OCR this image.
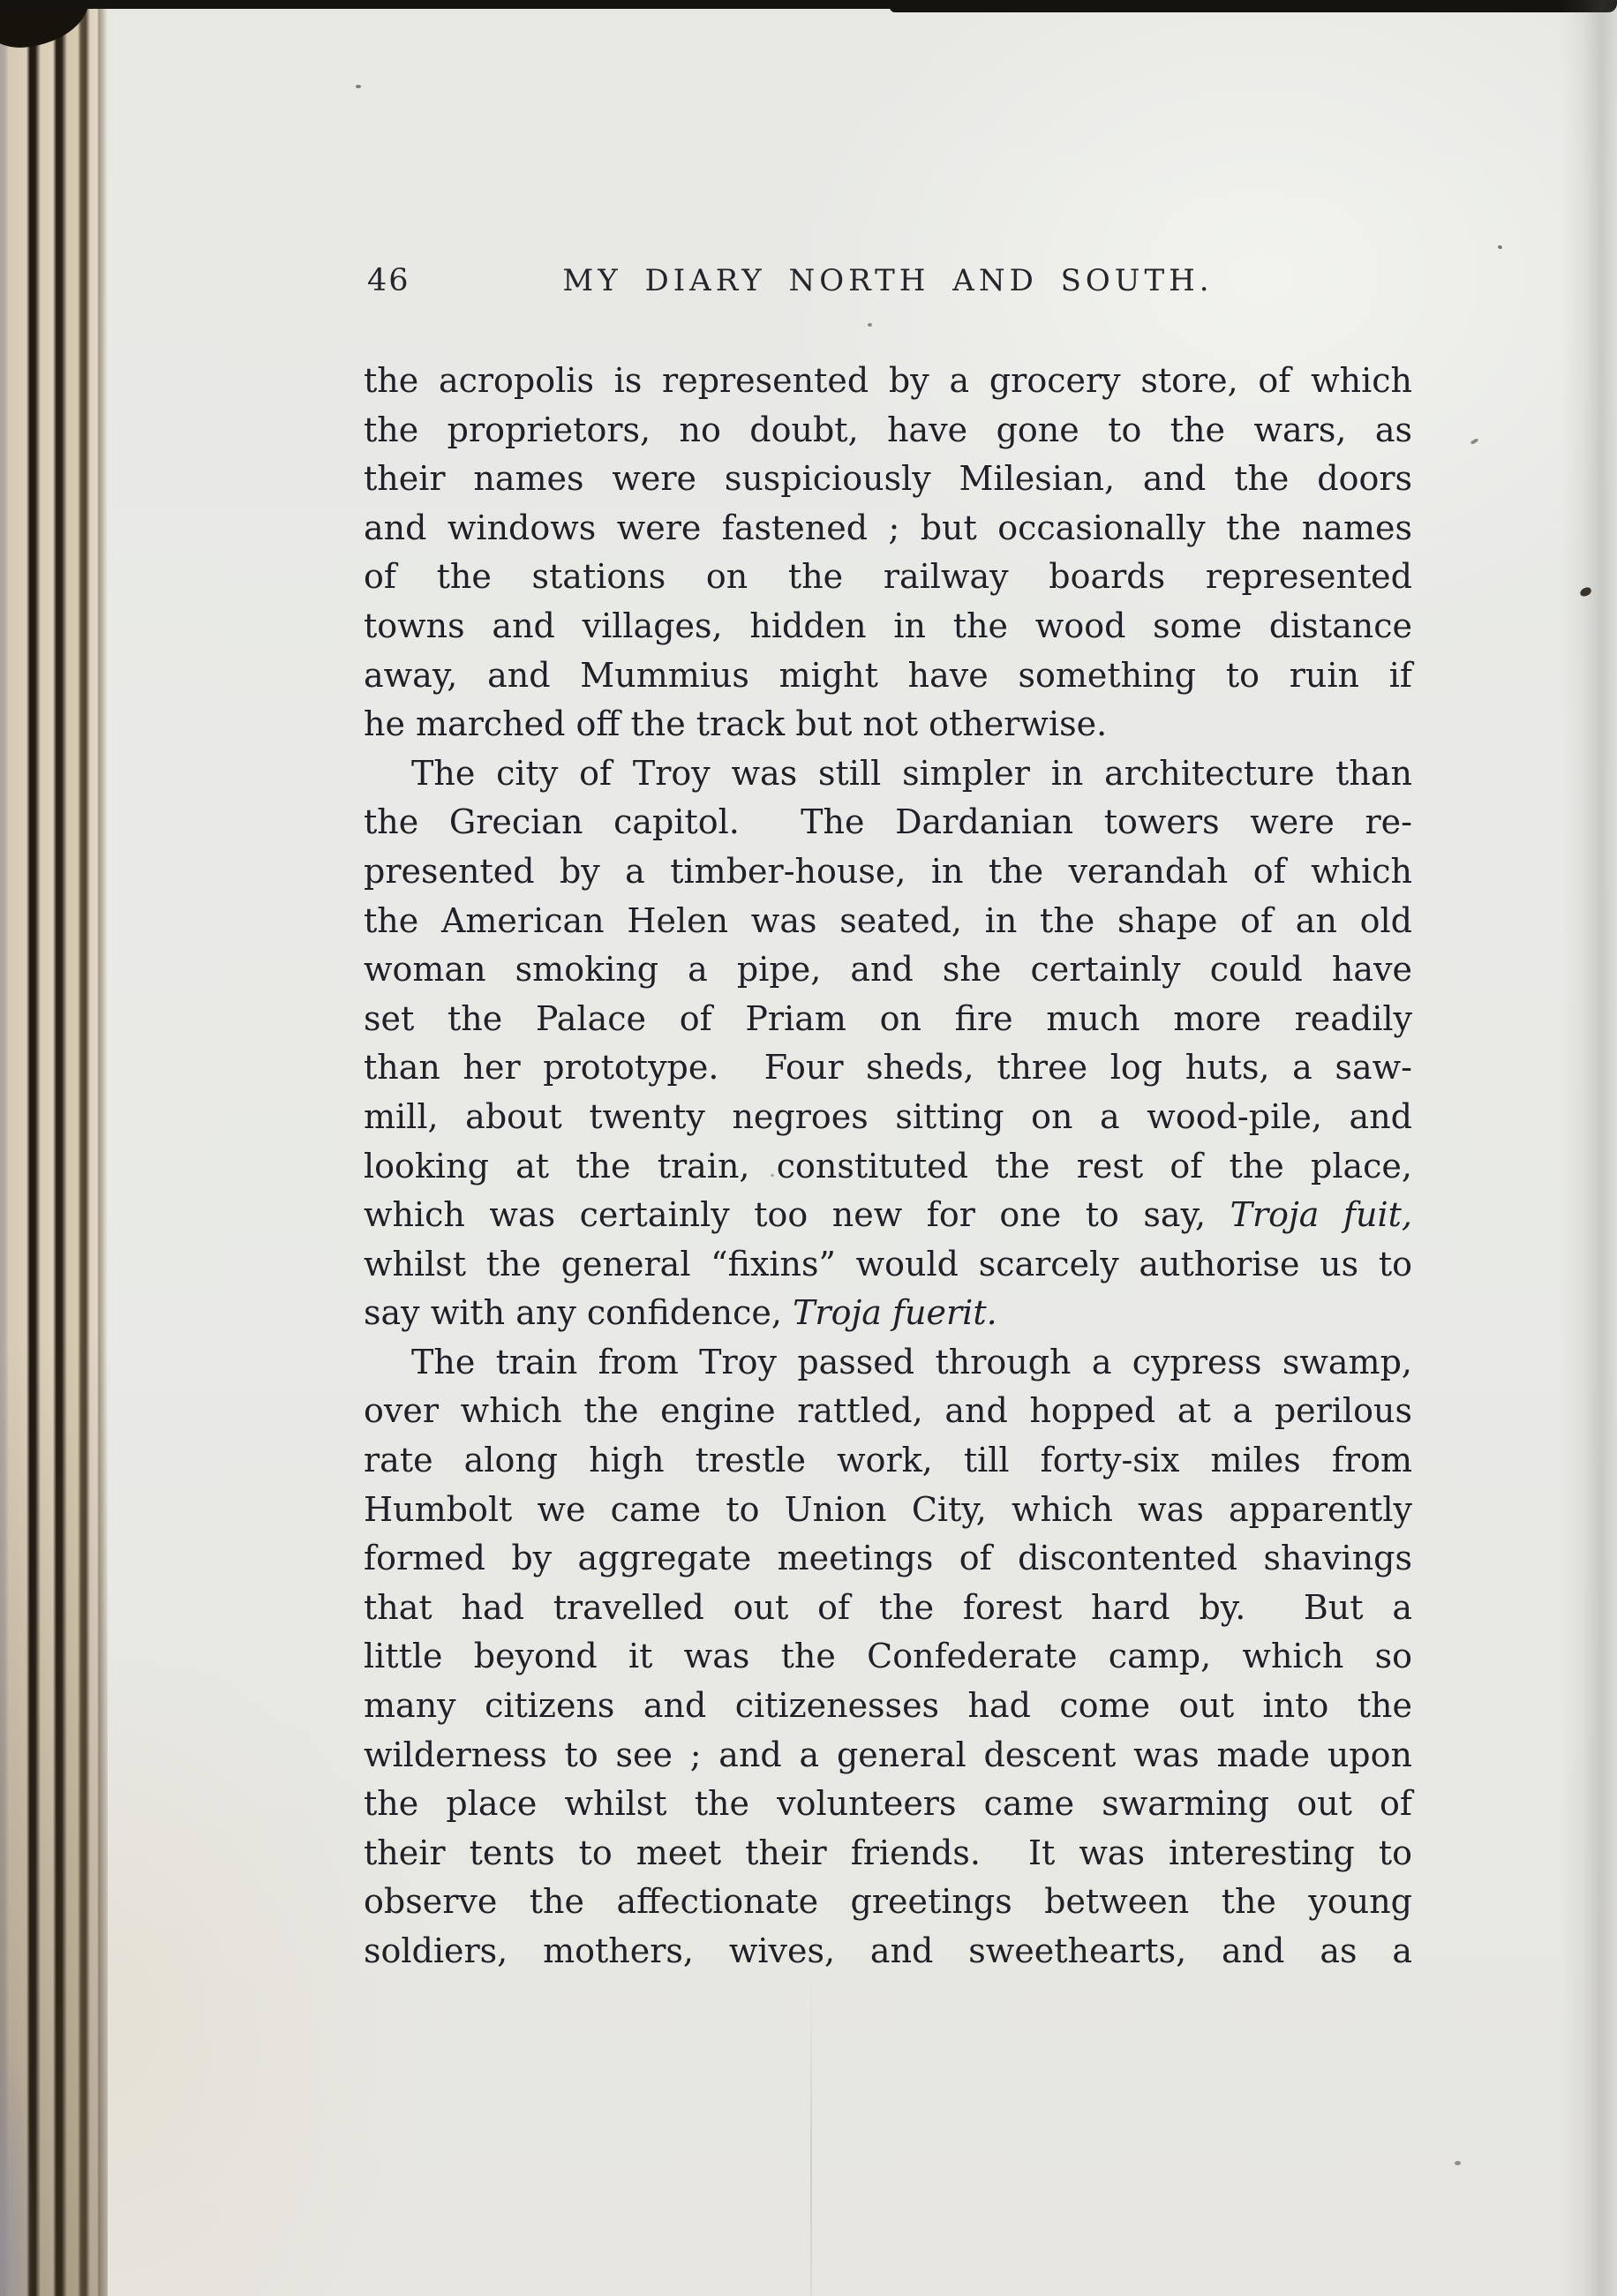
46	MY DIARY NORTH AND SOUTH.
the acropolis is represented by a grocery store, of which
the proprietors, no doubt, have gone to the wars, as
their names were suspiciously Milesian, and the doors
and windows were fastened ; but occasionally the names
of the stations on the railway boards represented
towns and villages, hidden in the wood some distance
away, and Mummius might have something to ruin if
he marched off the track but not otherwise.
The city of Troy was still simpler in architecture than
the Grecian capitol.  The Dardanian towers were re-
presented by a timber-house, in the verandah of which
the American Helen was seated, in the shape of an old
woman smoking a pipe, and she certainly could have
set the Palace of Priam on fire much more readily
than her prototype.  Four sheds, three log huts, a saw-
mill, about twenty negroes sitting on a wood-pile, and
looking at the train, constituted the rest of the place,
which was certainly too new for one to say, Troja fuit,
whilst the general “fixins” would scarcely authorise us to
say with any confidence, Troja fuerit.
The train from Troy passed through a cypress swamp,
over which the engine rattled, and hopped at a perilous
rate along high trestle work, till forty-six miles from
Humbolt we came to Union City, which was apparently
formed by aggregate meetings of discontented shavings
that had travelled out of the forest hard by.  But a
little beyond it was the Confederate camp, which so
many citizens and citizenesses had come out into the
wilderness to see ; and a general descent was made upon
the place whilst the volunteers came swarming out of
their tents to meet their friends.  It was interesting to
observe the affectionate greetings between the young
soldiers, mothers, wives, and sweethearts, and as a
